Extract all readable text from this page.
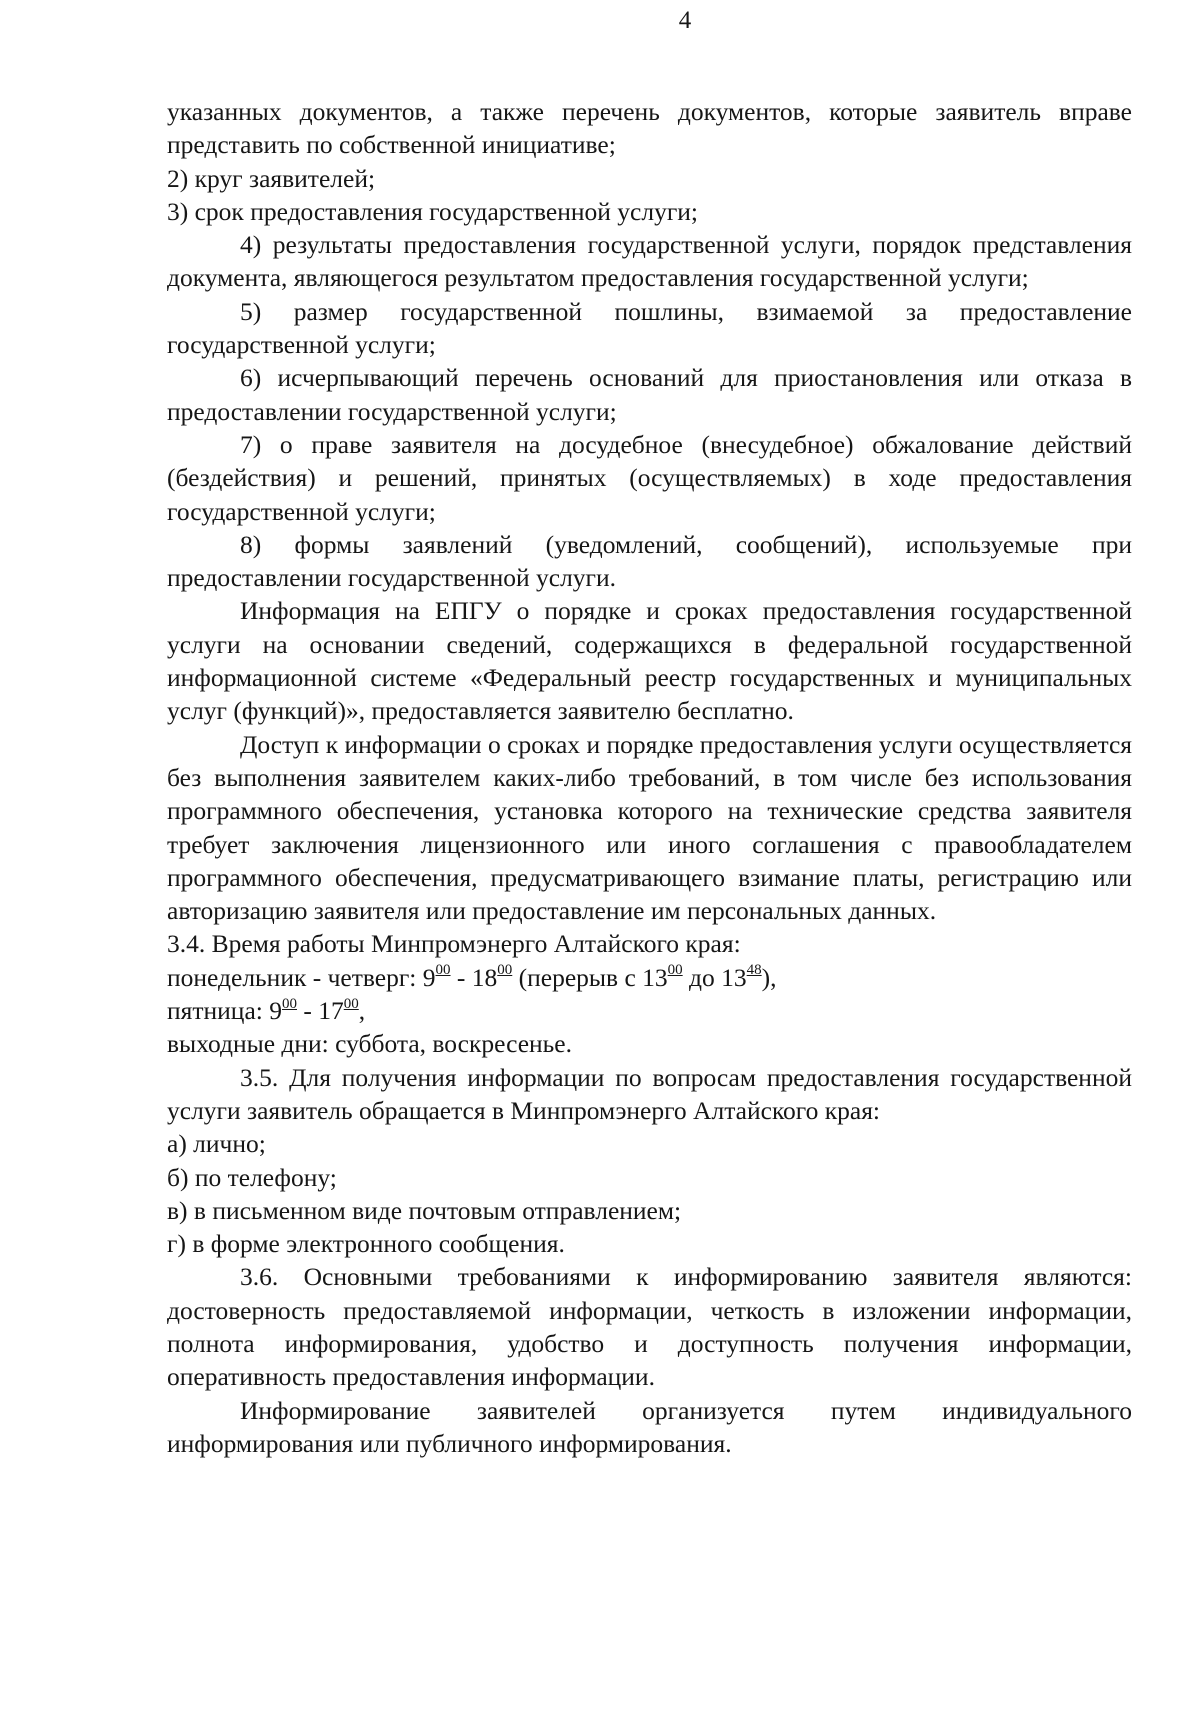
4

указанных документов, а также перечень документов, которые заявитель вправе представить по собственной инициативе;

2) круг заявителей;

3) срок предоставления государственной услуги;

4) результаты предоставления государственной услуги, порядок представления документа, являющегося результатом предоставления государственной услуги;

5) размер государственной пошлины, взимаемой за предоставление государственной услуги;

6) исчерпывающий перечень оснований для приостановления или отказа в предоставлении государственной услуги;

7) о праве заявителя на досудебное (внесудебное) обжалование действий (бездействия) и решений, принятых (осуществляемых) в ходе предоставления государственной услуги;

8) формы заявлений (уведомлений, сообщений), используемые при предоставлении государственной услуги.

Информация на ЕПГУ о порядке и сроках предоставления государственной услуги на основании сведений, содержащихся в федеральной государственной информационной системе «Федеральный реестр государственных и муниципальных услуг (функций)», предоставляется заявителю бесплатно.

Доступ к информации о сроках и порядке предоставления услуги осуществляется без выполнения заявителем каких-либо требований, в том числе без использования программного обеспечения, установка которого на технические средства заявителя требует заключения лицензионного или иного соглашения с правообладателем программного обеспечения, предусматривающего взимание платы, регистрацию или авторизацию заявителя или предоставление им персональных данных.

3.4. Время работы Минпромэнерго Алтайского края:

понедельник - четверг: $9^{00} - 18^{00}$ (перерыв с $13^{00}$ до $13^{48}$),

пятница: $9^{00} - 17^{00}$,

выходные дни: суббота, воскресенье.

3.5. Для получения информации по вопросам предоставления государственной услуги заявитель обращается в Минпромэнерго Алтайского края:

а) лично;

б) по телефону;

в) в письменном виде почтовым отправлением;

г) в форме электронного сообщения.

3.6. Основными требованиями к информированию заявителя являются: достоверность предоставляемой информации, четкость в изложении информации, полнота информирования, удобство и доступность получения информации, оперативность предоставления информации.

Информирование заявителей организуется путем индивидуального информирования или публичного информирования.
